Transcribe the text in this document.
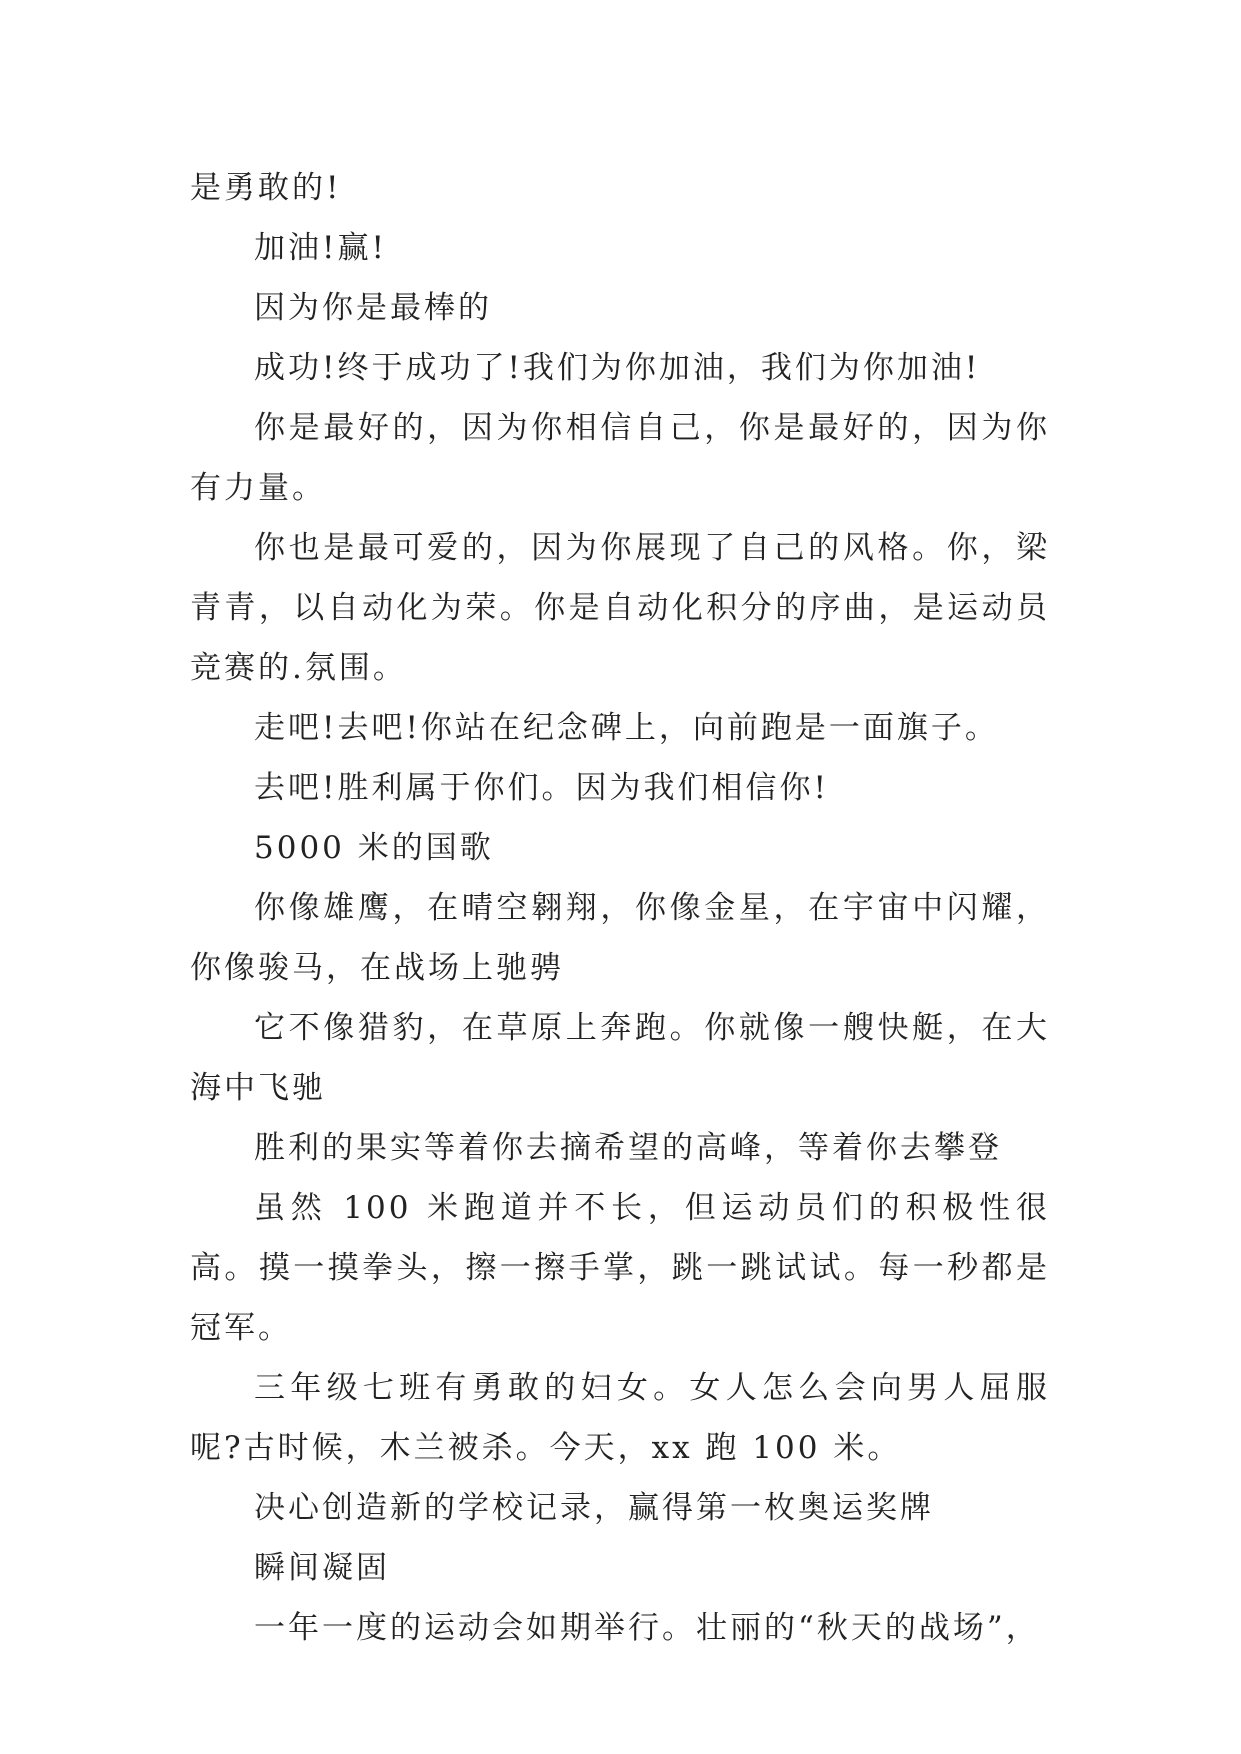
是勇敢的!

加油!赢!

因为你是最棒的

成功!终于成功了!我们为你加油，我们为你加油!

你是最好的，因为你相信自己，你是最好的，因为你有力量。

你也是最可爱的，因为你展现了自己的风格。你，梁青青，以自动化为荣。你是自动化积分的序曲，是运动员竞赛的.氛围。

走吧!去吧!你站在纪念碑上，向前跑是一面旗子。

去吧!胜利属于你们。因为我们相信你!

5000 米的国歌

你像雄鹰，在晴空翱翔，你像金星，在宇宙中闪耀，你像骏马，在战场上驰骋

它不像猎豹，在草原上奔跑。你就像一艘快艇，在大海中飞驰

胜利的果实等着你去摘希望的高峰，等着你去攀登

虽然 100 米跑道并不长，但运动员们的积极性很高。摸一摸拳头，擦一擦手掌，跳一跳试试。每一秒都是冠军。

三年级七班有勇敢的妇女。女人怎么会向男人屈服呢?古时候，木兰被杀。今天，xx 跑 100 米。

决心创造新的学校记录，赢得第一枚奥运奖牌

瞬间凝固

一年一度的运动会如期举行。壮丽的“秋天的战场”，
